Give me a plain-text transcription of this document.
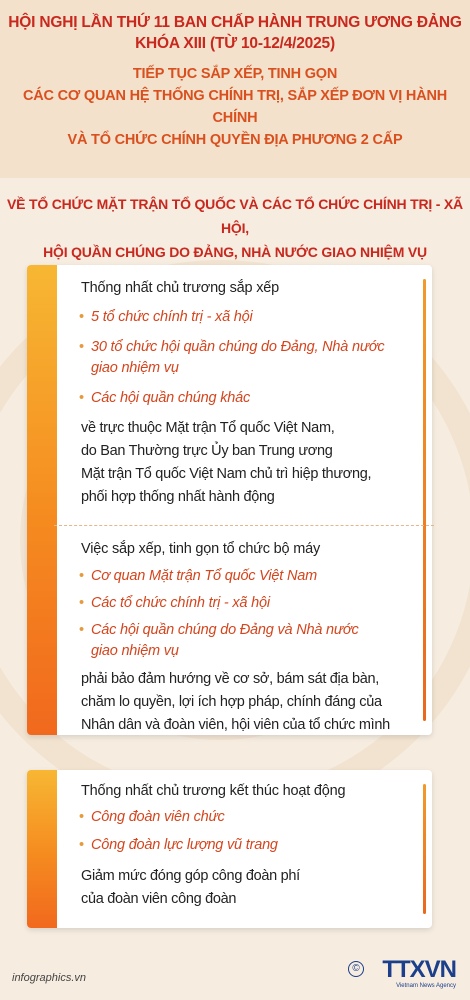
HỘI NGHỊ LẦN THỨ 11 BAN CHẤP HÀNH TRUNG ƯƠNG ĐẢNG
KHÓA XIII (TỪ 10-12/4/2025)
TIẾP TỤC SẮP XẾP, TINH GỌN
CÁC CƠ QUAN HỆ THỐNG CHÍNH TRỊ, SẮP XẾP ĐƠN VỊ HÀNH CHÍNH
VÀ TỔ CHỨC CHÍNH QUYỀN ĐỊA PHƯƠNG 2 CẤP
VỀ TỔ CHỨC MẶT TRẬN TỔ QUỐC VÀ CÁC TỔ CHỨC CHÍNH TRỊ - XÃ HỘI,
HỘI QUẦN CHÚNG DO ĐẢNG, NHÀ NƯỚC GIAO NHIỆM VỤ
Thống nhất chủ trương sắp xếp
• 5 tổ chức chính trị - xã hội
• 30 tổ chức hội quần chúng do Đảng, Nhà nước
giao nhiệm vụ
• Các hội quần chúng khác
về trực thuộc Mặt trận Tổ quốc Việt Nam,
do Ban Thường trực Ủy ban Trung ương
Mặt trận Tổ quốc Việt Nam chủ trì hiệp thương,
phối hợp thống nhất hành động
Việc sắp xếp, tinh gọn tổ chức bộ máy
• Cơ quan Mặt trận Tổ quốc Việt Nam
• Các tổ chức chính trị - xã hội
• Các hội quần chúng do Đảng và Nhà nước
giao nhiệm vụ
phải bảo đảm hướng về cơ sở, bám sát địa bàn,
chăm lo quyền, lợi ích hợp pháp, chính đáng của
Nhân dân và đoàn viên, hội viên của tổ chức mình
Thống nhất chủ trương kết thúc hoạt động
• Công đoàn viên chức
• Công đoàn lực lượng vũ trang
Giảm mức đóng góp công đoàn phí
của đoàn viên công đoàn
infographics.vn
© TTXVN
Vietnam News Agency
